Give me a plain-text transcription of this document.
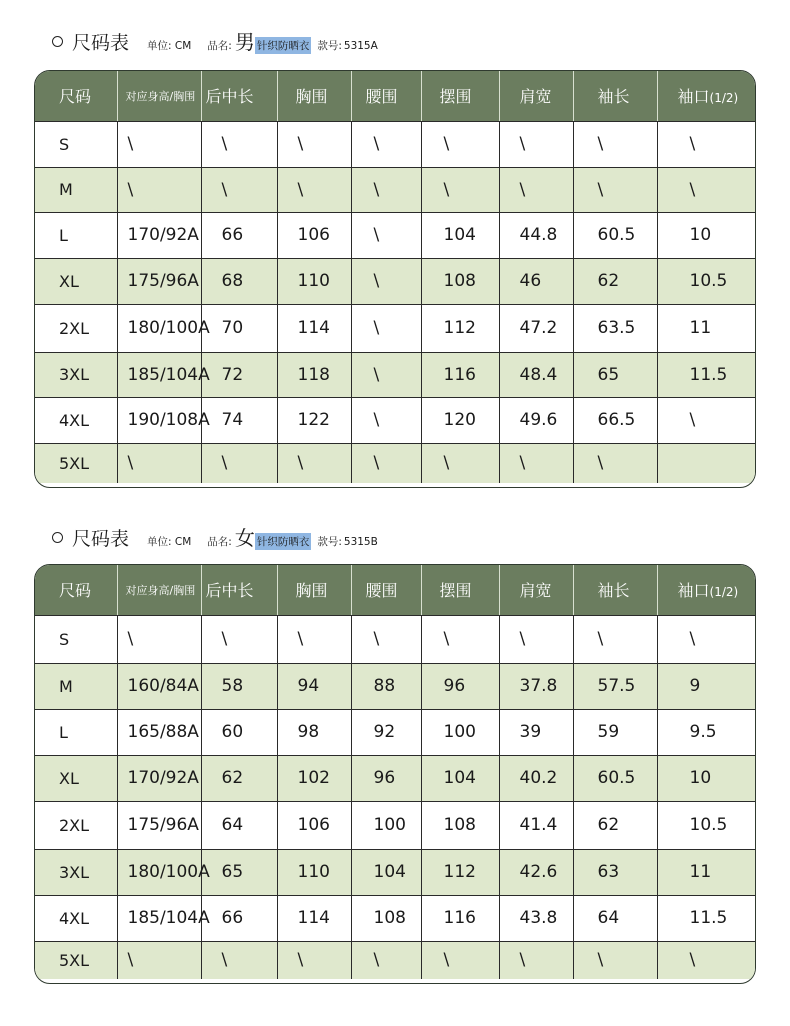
尺码表 单位: CM 品名: 男 针织防晒衣 款号: 5315A
尺码	对应身高/胸围	后中长	胸围	腰围	摆围	肩宽	袖长	袖口(1/2)
S	\	\	\	\	\	\	\	\
M	\	\	\	\	\	\	\	\
L	170/92A	66	106	\	104	44.8	60.5	10
XL	175/96A	68	110	\	108	46	62	10.5
2XL	180/100A	70	114	\	112	47.2	63.5	11
3XL	185/104A	72	118	\	116	48.4	65	11.5
4XL	190/108A	74	122	\	120	49.6	66.5	\
5XL	\	\	\	\	\	\	\	
尺码表 单位: CM 品名: 女 针织防晒衣 款号: 5315B
尺码	对应身高/胸围	后中长	胸围	腰围	摆围	肩宽	袖长	袖口(1/2)
S	\	\	\	\	\	\	\	\
M	160/84A	58	94	88	96	37.8	57.5	9
L	165/88A	60	98	92	100	39	59	9.5
XL	170/92A	62	102	96	104	40.2	60.5	10
2XL	175/96A	64	106	100	108	41.4	62	10.5
3XL	180/100A	65	110	104	112	42.6	63	11
4XL	185/104A	66	114	108	116	43.8	64	11.5
5XL	\	\	\	\	\	\	\	\
